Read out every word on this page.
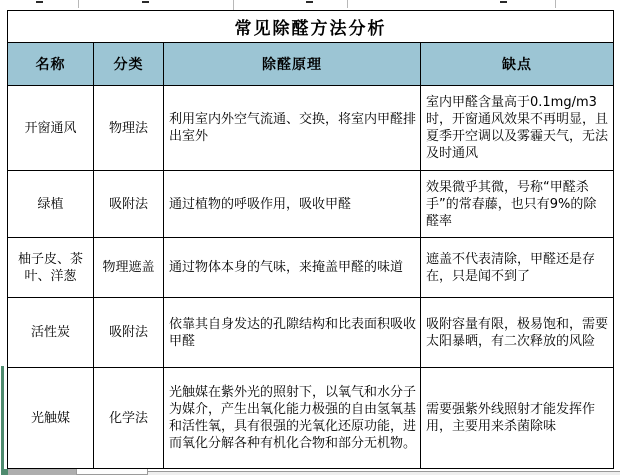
常见除醛方法分析			
名称	分类	除醛原理	缺点
开窗通风	物理法	利用室内外空气流通、交换，将室内甲醛排出室外	室内甲醛含量高于0.1mg/m3时，开窗通风效果不再明显，且夏季开空调以及雾霾天气，无法及时通风
绿植	吸附法	通过植物的呼吸作用，吸收甲醛	效果微乎其微，号称“甲醛杀手”的常春藤，也只有9%的除醛率
柚子皮、茶叶、洋葱	物理遮盖	通过物体本身的气味，来掩盖甲醛的味道	遮盖不代表清除，甲醛还是存在，只是闻不到了
活性炭	吸附法	依靠其自身发达的孔隙结构和比表面积吸收甲醛	吸附容量有限，极易饱和，需要太阳暴晒，有二次释放的风险
光触媒	化学法	光触媒在紫外光的照射下，以氧气和水分子为媒介，产生出氧化能力极强的自由氢氧基和活性氧，具有很强的光氧化还原功能，进而氧化分解各种有机化合物和部分无机物。	需要强紫外线照射才能发挥作用，主要用来杀菌除味
